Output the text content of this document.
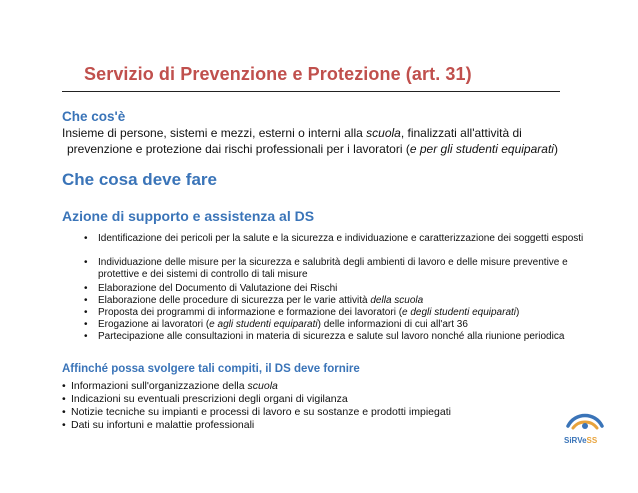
Servizio di Prevenzione e Protezione (art. 31)
Che cos'è
Insieme di persone, sistemi e mezzi, esterni o interni alla scuola, finalizzati all'attività di
prevenzione e protezione dai rischi professionali per i lavoratori (e per gli studenti equiparati)
Che cosa deve fare
Azione di supporto e assistenza al DS
• Identificazione dei pericoli per la salute e la sicurezza e individuazione e caratterizzazione dei soggetti esposti
• Individuazione delle misure per la sicurezza e salubrità degli ambienti di lavoro e delle misure preventive e protettive e dei sistemi di controllo di tali misure
• Elaborazione del Documento di Valutazione dei Rischi
• Elaborazione delle procedure di sicurezza per le varie attività della scuola
• Proposta dei programmi di informazione e formazione dei lavoratori (e degli studenti equiparati)
• Erogazione ai lavoratori (e agli studenti equiparati) delle informazioni di cui all'art 36
• Partecipazione alle consultazioni in materia di sicurezza e salute sul lavoro nonché alla riunione periodica
Affinché possa svolgere tali compiti, il DS deve fornire
• Informazioni sull'organizzazione della scuola
• Indicazioni su eventuali prescrizioni degli organi di vigilanza
• Notizie tecniche su impianti e processi di lavoro e su sostanze e prodotti impiegati
• Dati su infortuni e malattie professionali
SiRVeSS
